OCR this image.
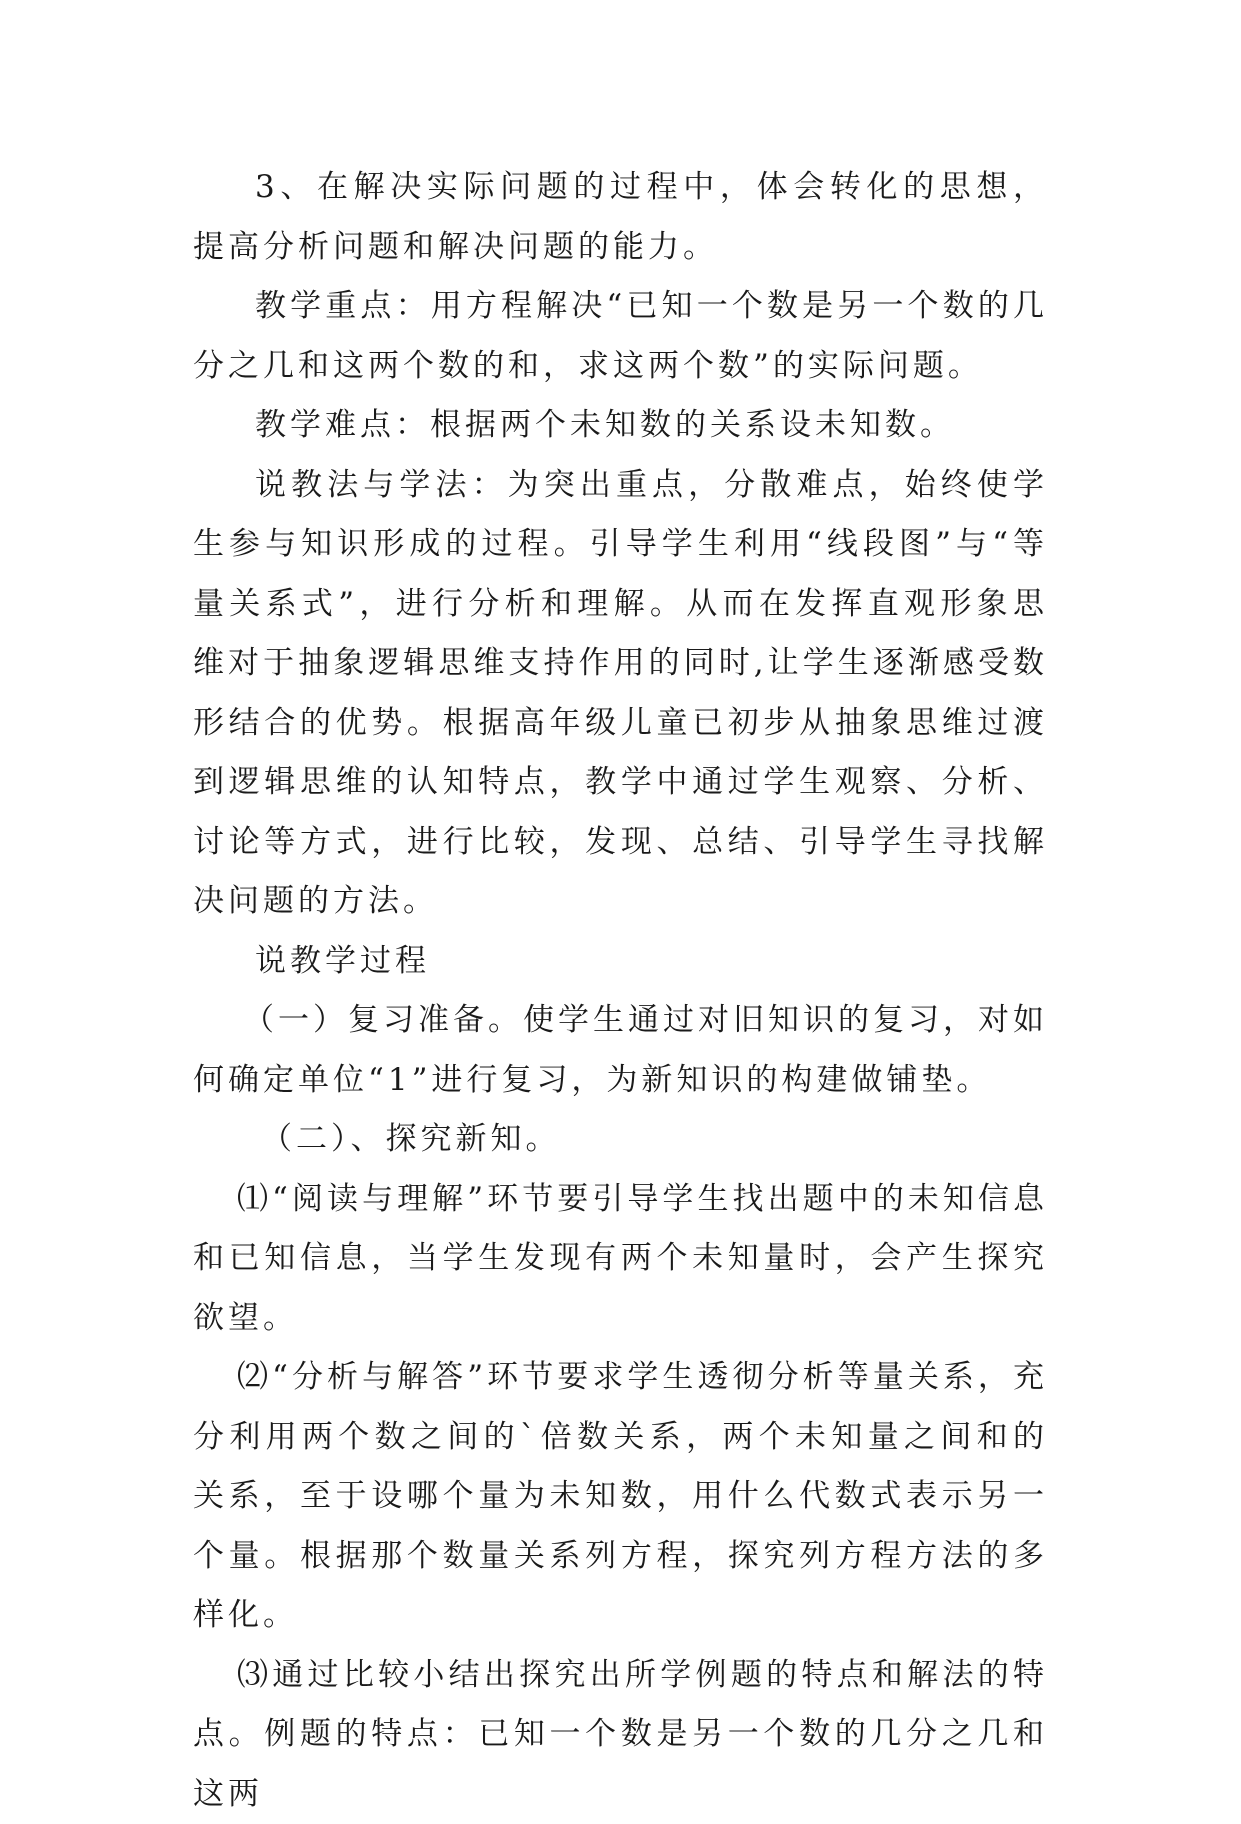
3、在解决实际问题的过程中，体会转化的思想，提高分析问题和解决问题的能力。

教学重点：用方程解决“已知一个数是另一个数的几分之几和这两个数的和，求这两个数”的实际问题。

教学难点：根据两个未知数的关系设未知数。

说教法与学法：为突出重点，分散难点，始终使学生参与知识形成的过程。引导学生利用“线段图”与“等量关系式”，进行分析和理解。从而在发挥直观形象思维对于抽象逻辑思维支持作用的同时,让学生逐渐感受数形结合的优势。根据高年级儿童已初步从抽象思维过渡到逻辑思维的认知特点，教学中通过学生观察、分析、讨论等方式，进行比较，发现、总结、引导学生寻找解决问题的方法。

说教学过程

（一）复习准备。使学生通过对旧知识的复习，对如何确定单位“1”进行复习，为新知识的构建做铺垫。

（二）、探究新知。

⑴“阅读与理解”环节要引导学生找出题中的未知信息和已知信息，当学生发现有两个未知量时，会产生探究欲望。

⑵“分析与解答”环节要求学生透彻分析等量关系，充分利用两个数之间的`倍数关系，两个未知量之间和的关系，至于设哪个量为未知数，用什么代数式表示另一个量。根据那个数量关系列方程，探究列方程方法的多样化。

⑶通过比较小结出探究出所学例题的特点和解法的特点。例题的特点：已知一个数是另一个数的几分之几和这两
